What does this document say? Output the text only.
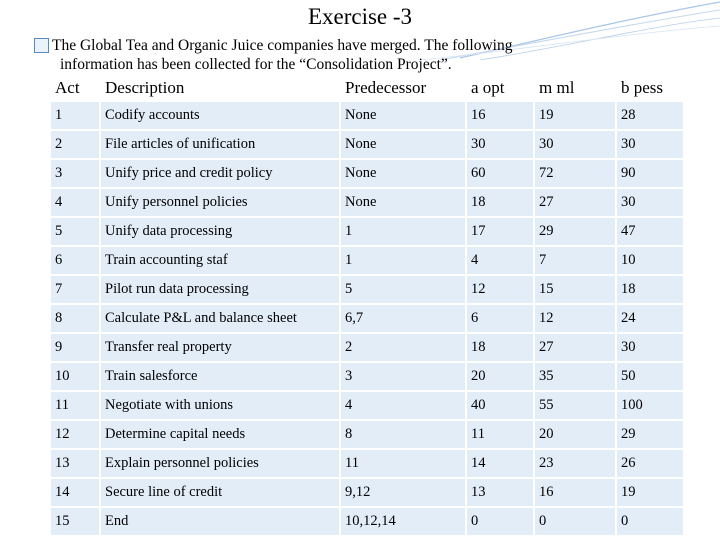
Exercise -3
The Global Tea and Organic Juice companies have merged. The following
information has been collected for the “Consolidation Project”.
Act	Description	Predecessor	a opt	m ml	b pess
1	Codify accounts	None	16	19	28
2	File articles of unification	None	30	30	30
3	Unify price and credit policy	None	60	72	90
4	Unify personnel policies	None	18	27	30
5	Unify data processing	1	17	29	47
6	Train accounting staf	1	4	7	10
7	Pilot run data processing	5	12	15	18
8	Calculate P&L and balance sheet	6,7	6	12	24
9	Transfer real property	2	18	27	30
10	Train salesforce	3	20	35	50
11	Negotiate with unions	4	40	55	100
12	Determine capital needs	8	11	20	29
13	Explain personnel policies	11	14	23	26
14	Secure line of credit	9,12	13	16	19
15	End	10,12,14	0	0	0
